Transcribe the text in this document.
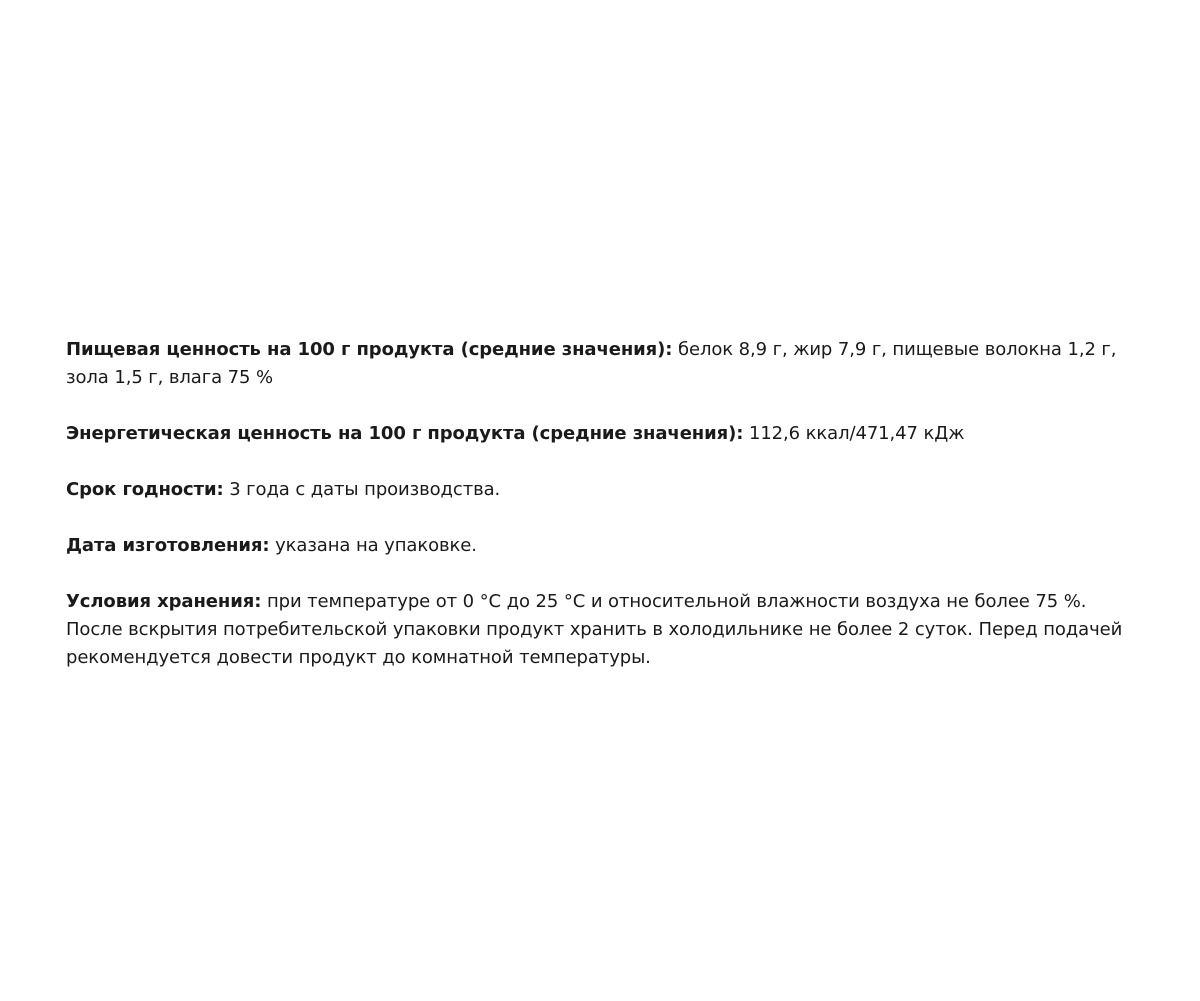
Пищевая ценность на 100 г продукта (средние значения): белок 8,9 г, жир 7,9 г, пищевые волокна 1,2 г, зола 1,5 г, влага 75 %

Энергетическая ценность на 100 г продукта (средние значения): 112,6 ккал/471,47 кДж

Срок годности: 3 года с даты производства.

Дата изготовления: указана на упаковке.

Условия хранения: при температуре от 0 °С до 25 °С и относительной влажности воздуха не более 75 %. После вскрытия потребительской упаковки продукт хранить в холодильнике не более 2 суток. Перед подачей рекомендуется довести продукт до комнатной температуры.
